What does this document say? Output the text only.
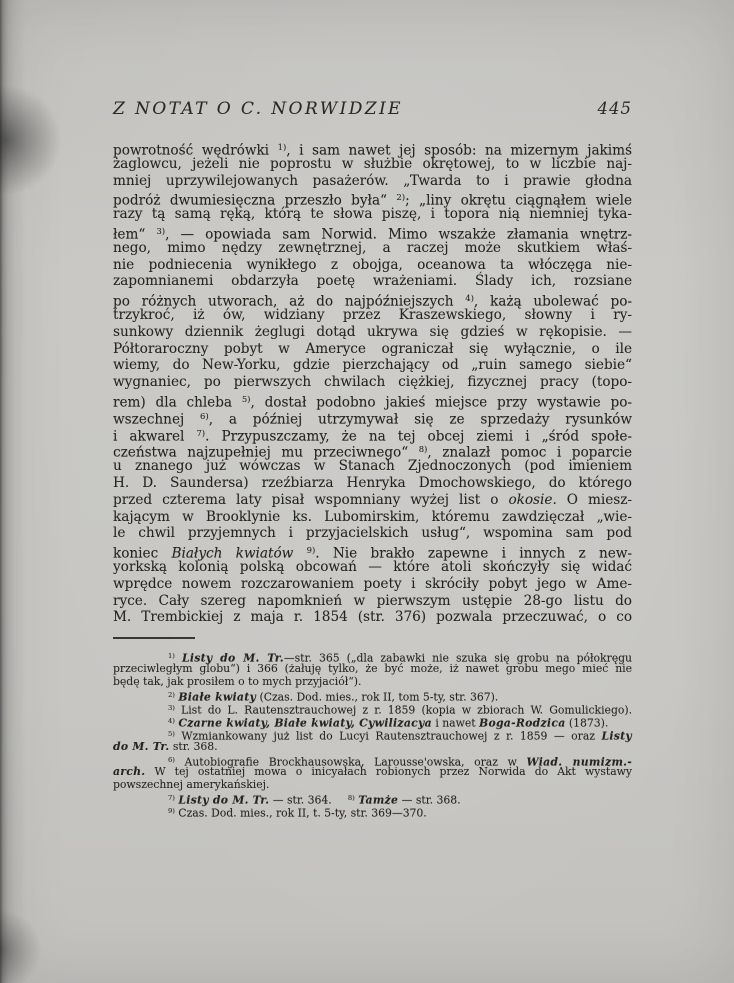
Z NOTAT O C. NORWIDZIE	445
powrotność wędrówki $^{1)}$, i sam nawet jej sposób: na mizernym jakimś
żaglowcu, jeżeli nie poprostu w służbie okrętowej, to w liczbie naj-
mniej uprzywilejowanych pasażerów. „Twarda to i prawie głodna
podróż dwumiesięczna przeszło była“ $^{2)}$; „liny okrętu ciągnąłem wiele
razy tą samą ręką, którą te słowa piszę, i topora nią niemniej tyka-
łem“ $^{3)}$, — opowiada sam Norwid. Mimo wszakże złamania wnętrz-
nego, mimo nędzy zewnętrznej, a raczej może skutkiem właś-
nie podniecenia wynikłego z obojga, oceanowa ta włóczęga nie-
zapomnianemi obdarzyła poetę wrażeniami. Ślady ich, rozsiane
po różnych utworach, aż do najpóźniejszych $^{4)}$, każą ubolewać po-
trzykroć, iż ów, widziany przez Kraszewskiego, słowny i ry-
sunkowy dziennik żeglugi dotąd ukrywa się gdzieś w rękopisie. —
Półtoraroczny pobyt w Ameryce ograniczał się wyłącznie, o ile
wiemy, do New-Yorku, gdzie pierzchający od „ruin samego siebie“
wygnaniec, po pierwszych chwilach ciężkiej, fizycznej pracy (topo-
rem) dla chleba $^{5)}$, dostał podobno jakieś miejsce przy wystawie po-
wszechnej $^{6)}$, a później utrzymywał się ze sprzedaży rysunków
i akwarel $^{7)}$. Przypuszczamy, że na tej obcej ziemi i „śród społe-
czeństwa najzupełniej mu przeciwnego“ $^{8)}$, znalazł pomoc i poparcie
u znanego już wówczas w Stanach Zjednoczonych (pod imieniem
H. D. Saundersa) rzeźbiarza Henryka Dmochowskiego, do którego
przed czterema laty pisał wspomniany wyżej list o okosie. O miesz-
kającym w Brooklynie ks. Lubomirskim, któremu zawdzięczał „wie-
le chwil przyjemnych i przyjacielskich usług“, wspomina sam pod
koniec Białych kwiatów $^{9)}$. Nie brakło zapewne i innych z new-
yorkską kolonią polską obcowań — które atoli skończyły się widać
wprędce nowem rozczarowaniem poety i skróciły pobyt jego w Ame-
ryce. Cały szereg napomknień w pierwszym ustępie 28-go listu do
M. Trembickiej z maja r. 1854 (str. 376) pozwala przeczuwać, o co
$^{1)}$ Listy do M. Tr.—str. 365 („dla zabawki nie szuka się grobu na półokręgu
przeciwległym globu“) i 366 (żałuję tylko, że być może, iż nawet grobu mego mieć nie
będę tak, jak prosiłem o to mych przyjaciół“).
$^{2)}$ Białe kwiaty (Czas. Dod. mies., rok II, tom 5-ty, str. 367).
$^{3)}$ List do L. Rautensztrauchowej z r. 1859 (kopia w zbiorach W. Gomulickiego).
$^{4)}$ Czarne kwiaty, Białe kwiaty, Cywilizacya i nawet Boga-Rodzica (1873).
$^{5)}$ Wzmiankowany już list do Lucyi Rautensztrauchowej z r. 1859 — oraz Listy
do M. Tr. str. 368.
$^{6)}$ Autobiografie Brockhausowska, Larousse'owska, oraz w Wiad. numizm.-
arch. W tej ostatniej mowa o inicyałach robionych przez Norwida do Akt wystawy
powszechnej amerykańskiej.
$^{7)}$ Listy do M. Tr. — str. 364.  $^{8)}$ Tamże — str. 368.
$^{9)}$ Czas. Dod. mies., rok II, t. 5-ty, str. 369—370.
